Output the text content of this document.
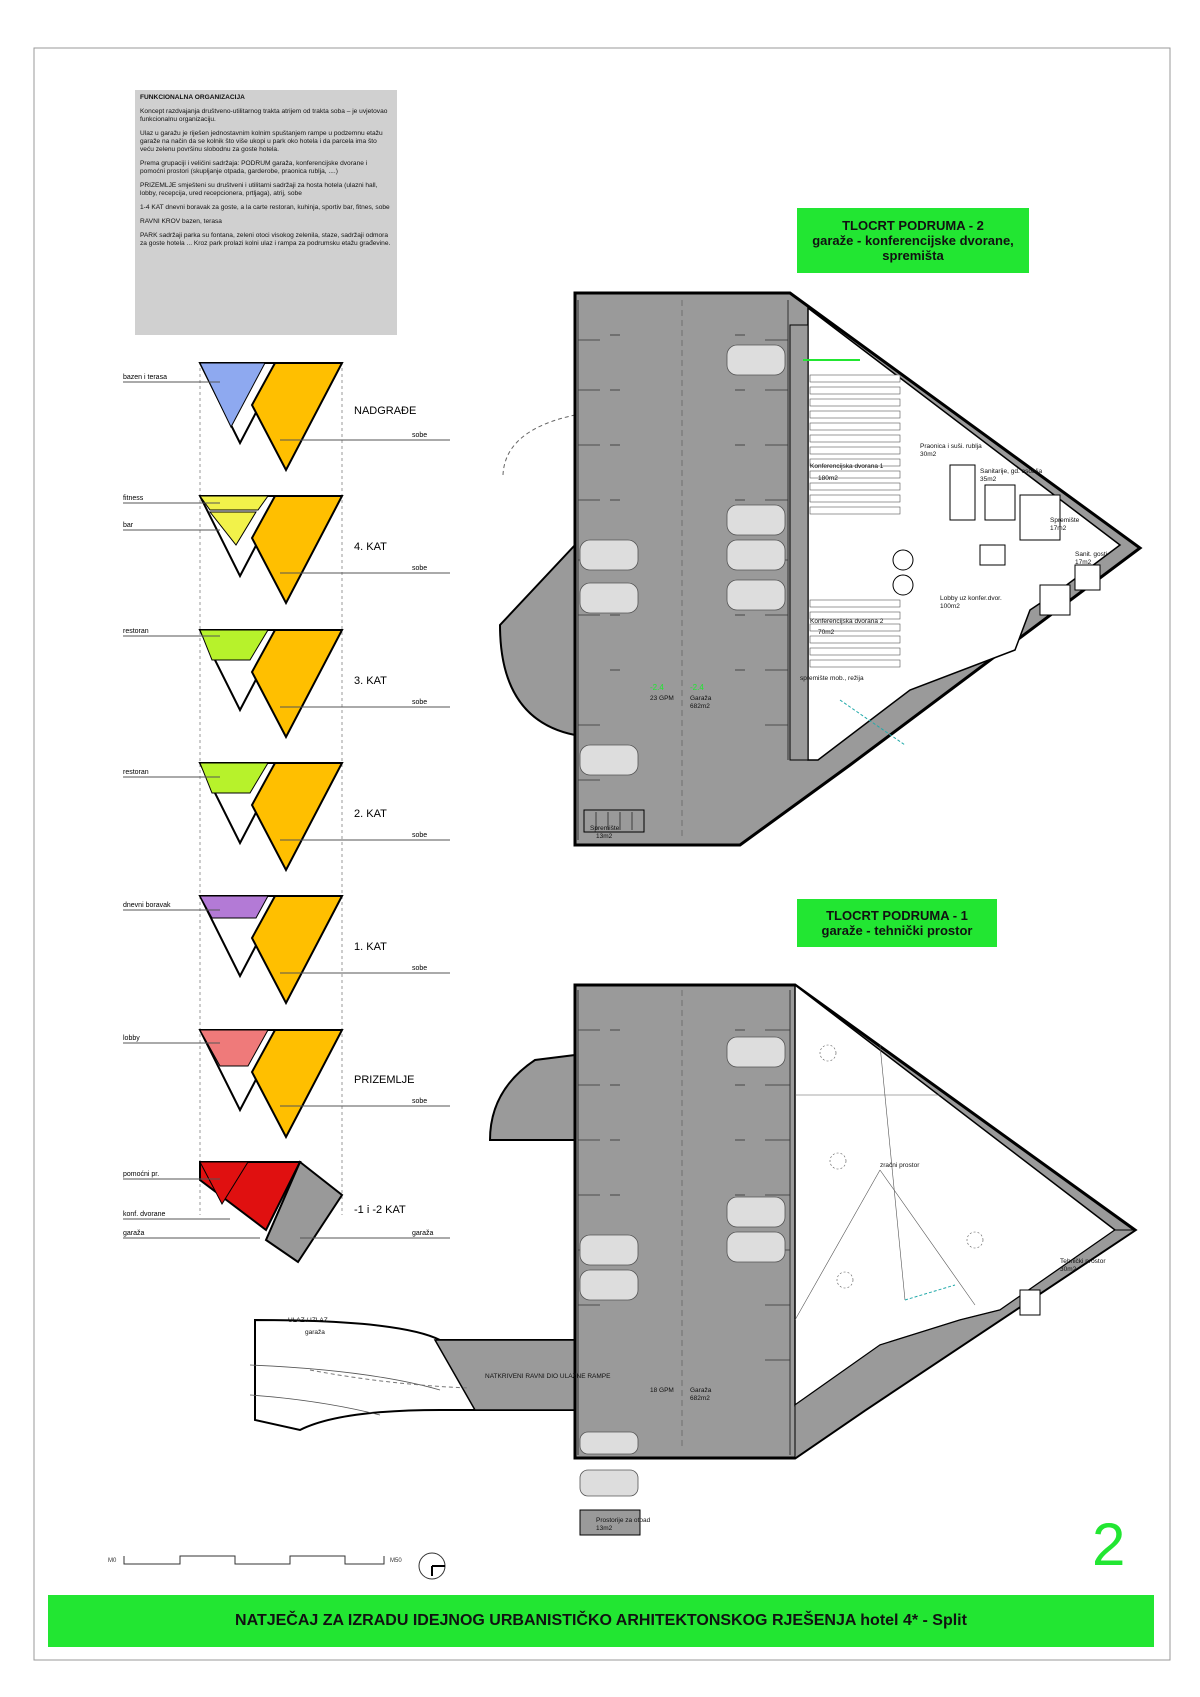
bazen i terasa
sobe
NADGRAĐE
fitness
bar
sobe
4. KAT
restoran
sobe
3. KAT
restoran
sobe
2. KAT
dnevni boravak
sobe
1. KAT
lobby
sobe
PRIZEMLJE
pomoćni pr.
konf. dvorane
garaža	garaža
-1 i -2 KAT
-2.4
23 GPM
-2.4
Garaža
682m2
Praonica i suši. rublja
30m2
Sanitarije, gd. osoblja
35m2
Konferencijska dvorana 1
180m2
Konferencijska dvorana 2
70m2
Spremište
17m2
Sanit. gosti
17m2
Lobby uz konfer.dvor.
100m2
spremište mob., režija
Spremište
13m2
zračni prostor
Tehnički prostor
30m2
Garaža
682m2
18 GPM
NATKRIVENI RAVNI DIO ULAZNE RAMPE
ULAZ / IZLAZ
garaža
Prostorije za otpad
13m2
M0	M50
FUNKCIONALNA ORGANIZACIJA

Koncept razdvajanja društveno-utilitarnog trakta atrijem od trakta soba – je uvjetovao funkcionalnu organizaciju.

Ulaz u garažu je riješen jednostavnim kolnim spuštanjem rampe u podzemnu etažu garaže na način da se kolnik što više ukopi u park oko hotela i da parcela ima što veću zelenu površinu slobodnu za goste hotela.

Prema grupaciji i veličini sadržaja: PODRUM garaža, konferencijske dvorane i pomoćni prostori (skupljanje otpada, garderobe, praonica rublja, ....)

PRIZEMLJE smješteni su društveni i utilitarni sadržaji za hosta hotela (ulazni hall, lobby, recepcija, ured recepcionera, prtljaga), atrij, sobe

1-4 KAT dnevni boravak za goste, a la carte restoran, kuhinja, sportiv bar, fitnes, sobe

RAVNI KROV bazen, terasa

PARK sadržaji parka su fontana, zeleni otoci visokog zelenila, staze, sadržaji odmora za goste hotela ... Kroz park prolazi kolni ulaz i rampa za podrumsku etažu građevine.

TLOCRT PODRUMA - 2
garaže - konferencijske dvorane,
spremišta
TLOCRT PODRUMA - 1
garaže - tehnički prostor
2
NATJEČAJ ZA IZRADU IDEJNOG URBANISTIČKO ARHITEKTONSKOG RJEŠENJA hotel 4* - Split
